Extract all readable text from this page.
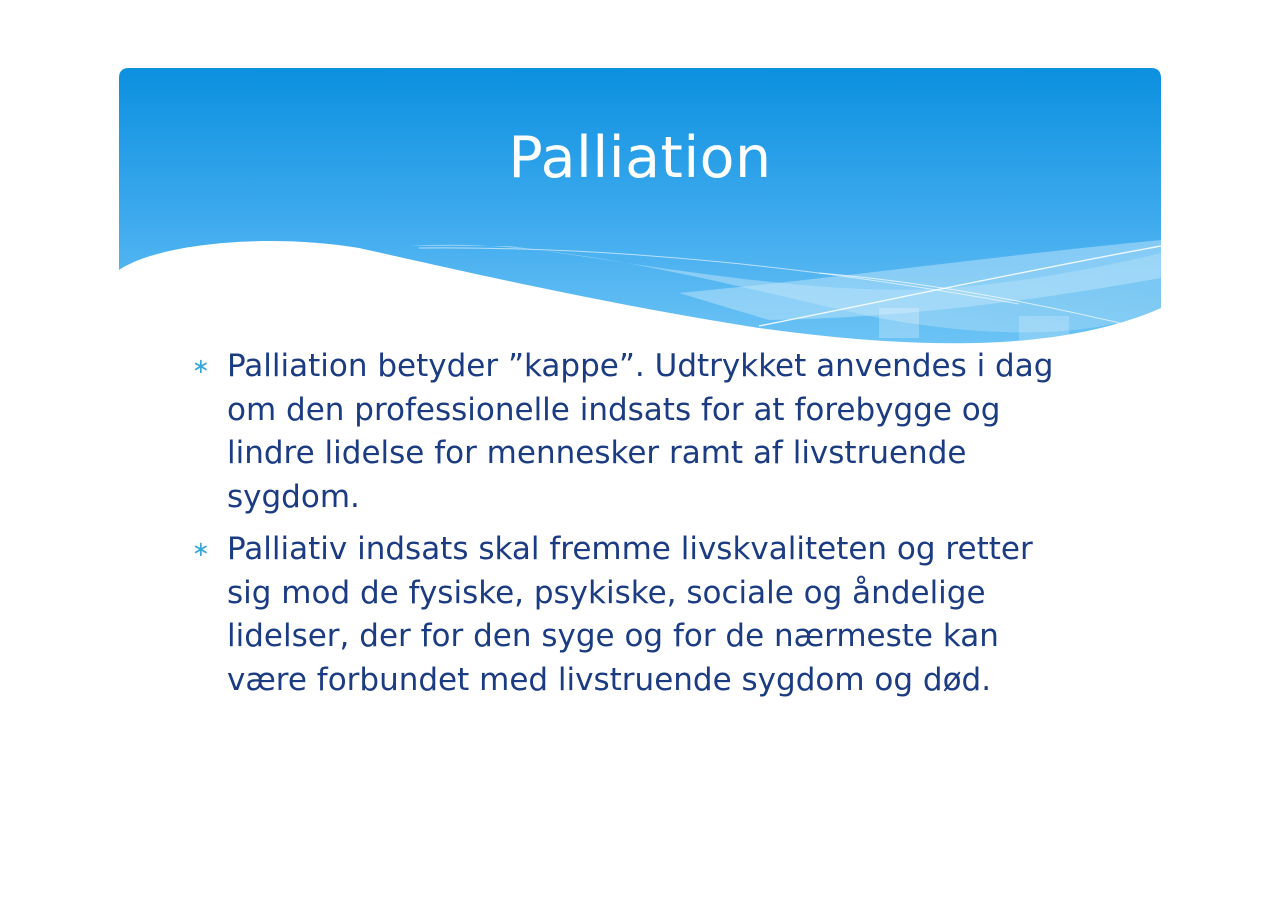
Palliation
∗ Palliation betyder ”kappe”. Udtrykket anvendes i dag om den professionelle indsats for at forebygge og lindre lidelse for mennesker ramt af livstruende sygdom.
∗ Palliativ indsats skal fremme livskvaliteten og retter sig mod de fysiske, psykiske, sociale og åndelige lidelser, der for den syge og for de nærmeste kan være forbundet med livstruende sygdom og død.
